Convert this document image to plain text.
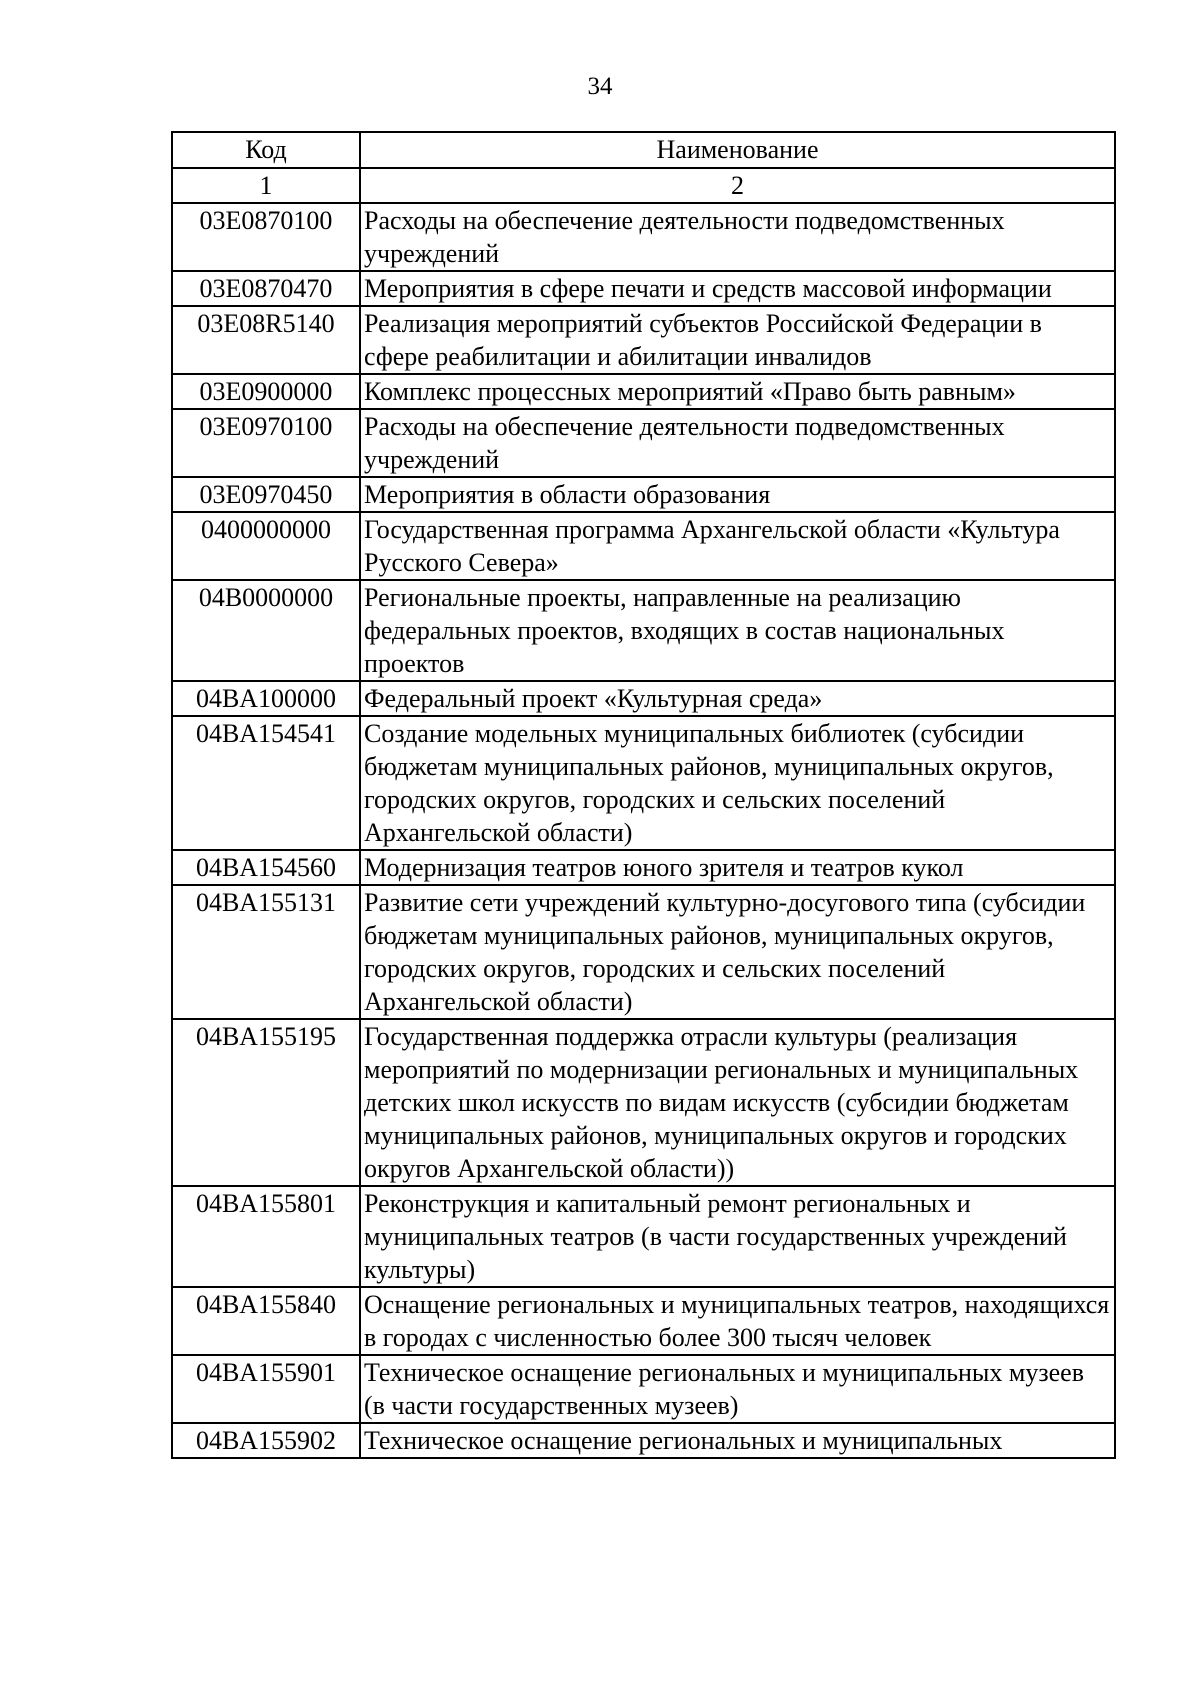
34
Код	Наименование
1	2
03E0870100	Расходы на обеспечение деятельности подведомственных учреждений
03E0870470	Мероприятия в сфере печати и средств массовой информации
03E08R5140	Реализация мероприятий субъектов Российской Федерации в сфере реабилитации и абилитации инвалидов
03E0900000	Комплекс процессных мероприятий «Право быть равным»
03E0970100	Расходы на обеспечение деятельности подведомственных учреждений
03E0970450	Мероприятия в области образования
0400000000	Государственная программа Архангельской области «Культура Русского Севера»
04B0000000	Региональные проекты, направленные на реализацию федеральных проектов, входящих в состав национальных проектов
04BA100000	Федеральный проект «Культурная среда»
04BA154541	Создание модельных муниципальных библиотек (субсидии бюджетам муниципальных районов, муниципальных округов, городских округов, городских и сельских поселений Архангельской области)
04BA154560	Модернизация театров юного зрителя и театров кукол
04BA155131	Развитие сети учреждений культурно-досугового типа (субсидии бюджетам муниципальных районов, муниципальных округов, городских округов, городских и сельских поселений Архангельской области)
04BA155195	Государственная поддержка отрасли культуры (реализация мероприятий по модернизации региональных и муниципальных детских школ искусств по видам искусств (субсидии бюджетам муниципальных районов, муниципальных округов и городских округов Архангельской области))
04BA155801	Реконструкция и капитальный ремонт региональных и муниципальных театров (в части государственных учреждений культуры)
04BA155840	Оснащение региональных и муниципальных театров, находящихся в городах с численностью более 300 тысяч человек
04BA155901	Техническое оснащение региональных и муниципальных музеев (в части государственных музеев)
04BA155902	Техническое оснащение региональных и муниципальных
